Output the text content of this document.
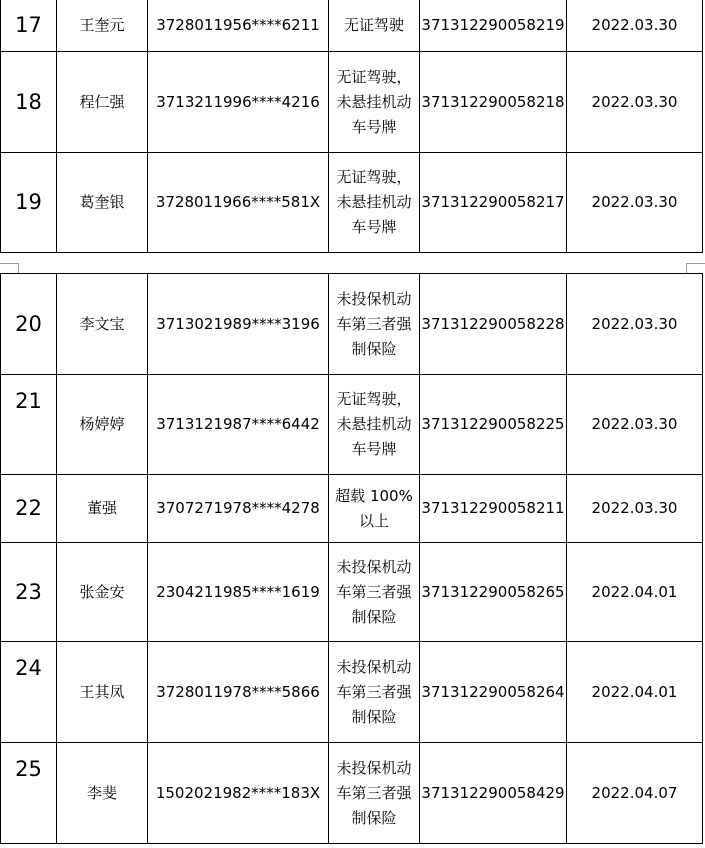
17	王奎元	3728011956****6211	无证驾驶	371312290058219	2022.03.30
18	程仁强	3713211996****4216	无证驾驶，未悬挂机动车号牌	371312290058218	2022.03.30
19	葛奎银	3728011966****581X	无证驾驶，未悬挂机动车号牌	371312290058217	2022.03.30
20	李文宝	3713021989****3196	未投保机动车第三者强制保险	371312290058228	2022.03.30
21	杨婷婷	3713121987****6442	无证驾驶，未悬挂机动车号牌	371312290058225	2022.03.30
22	董强	3707271978****4278	超载 100%以上	371312290058211	2022.03.30
23	张金安	2304211985****1619	未投保机动车第三者强制保险	371312290058265	2022.04.01
24	王其凤	3728011978****5866	未投保机动车第三者强制保险	371312290058264	2022.04.01
25	李斐	1502021982****183X	未投保机动车第三者强制保险	371312290058429	2022.04.07
